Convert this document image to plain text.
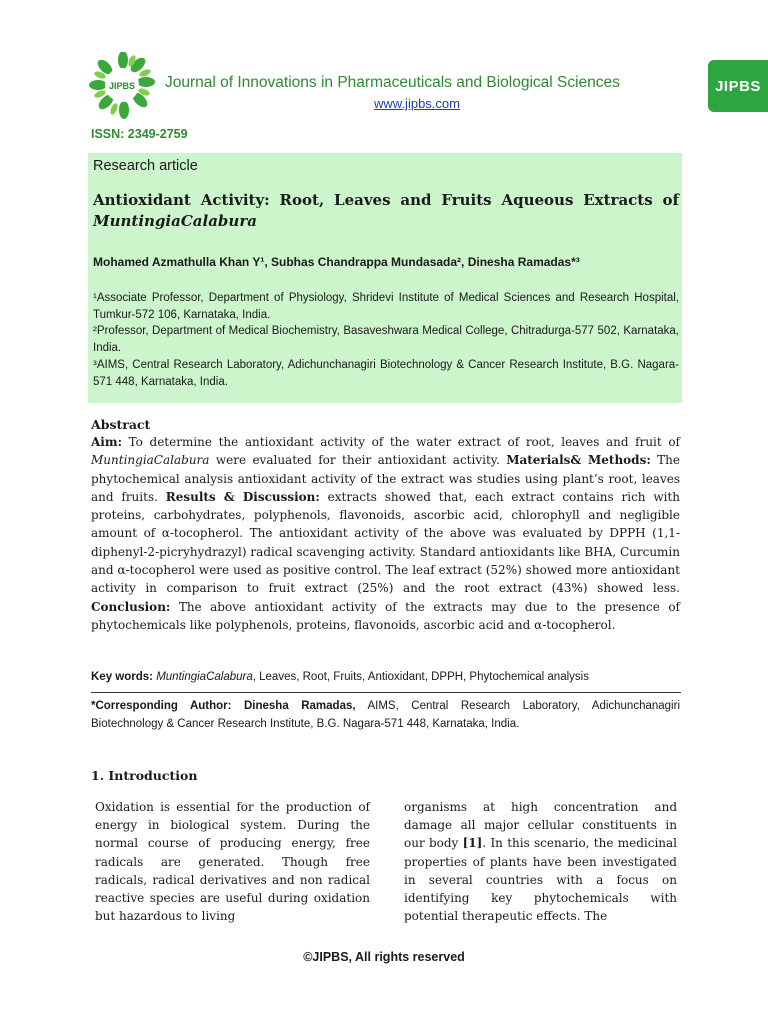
JIPBS Journal of Innovations in Pharmaceuticals and Biological Sciences
www.jipbs.com
JIPBS
ISSN: 2349-2759
Research article
Antioxidant Activity: Root, Leaves and Fruits Aqueous Extracts of
MuntingiaCalabura
Mohamed Azmathulla Khan Y¹, Subhas Chandrappa Mundasada², Dinesha Ramadas*³
¹Associate Professor, Department of Physiology, Shridevi Institute of Medical Sciences and Research Hospital, Tumkur-572 106, Karnataka, India.
²Professor, Department of Medical Biochemistry, Basaveshwara Medical College, Chitradurga-577 502, Karnataka, India.
³AIMS, Central Research Laboratory, Adichunchanagiri Biotechnology & Cancer Research Institute, B.G. Nagara-571 448, Karnataka, India.
Abstract
Aim: To determine the antioxidant activity of the water extract of root, leaves and fruit of MuntingiaCalabura were evaluated for their antioxidant activity. Materials& Methods: The phytochemical analysis antioxidant activity of the extract was studies using plant’s root, leaves and fruits. Results & Discussion: extracts showed that, each extract contains rich with proteins, carbohydrates, polyphenols, flavonoids, ascorbic acid, chlorophyll and negligible amount of α-tocopherol. The antioxidant activity of the above was evaluated by DPPH (1,1-diphenyl-2-picryhydrazyl) radical scavenging activity. Standard antioxidants like BHA, Curcumin and α-tocopherol were used as positive control. The leaf extract (52%) showed more antioxidant activity in comparison to fruit extract (25%) and the root extract (43%) showed less. Conclusion: The above antioxidant activity of the extracts may due to the presence of phytochemicals like polyphenols, proteins, flavonoids, ascorbic acid and α-tocopherol.
Key words: MuntingiaCalabura, Leaves, Root, Fruits, Antioxidant, DPPH, Phytochemical analysis
*Corresponding Author: Dinesha Ramadas, AIMS, Central Research Laboratory, Adichunchanagiri Biotechnology & Cancer Research Institute, B.G. Nagara-571 448, Karnataka, India.
1. Introduction
Oxidation is essential for the production of energy in biological system. During the normal course of producing energy, free radicals are generated. Though free radicals, radical derivatives and non radical reactive species are useful during oxidation but hazardous to living
organisms at high concentration and damage all major cellular constituents in our body [1]. In this scenario, the medicinal properties of plants have been investigated in several countries with a focus on identifying key phytochemicals with potential therapeutic effects. The
©JIPBS, All rights reserved
